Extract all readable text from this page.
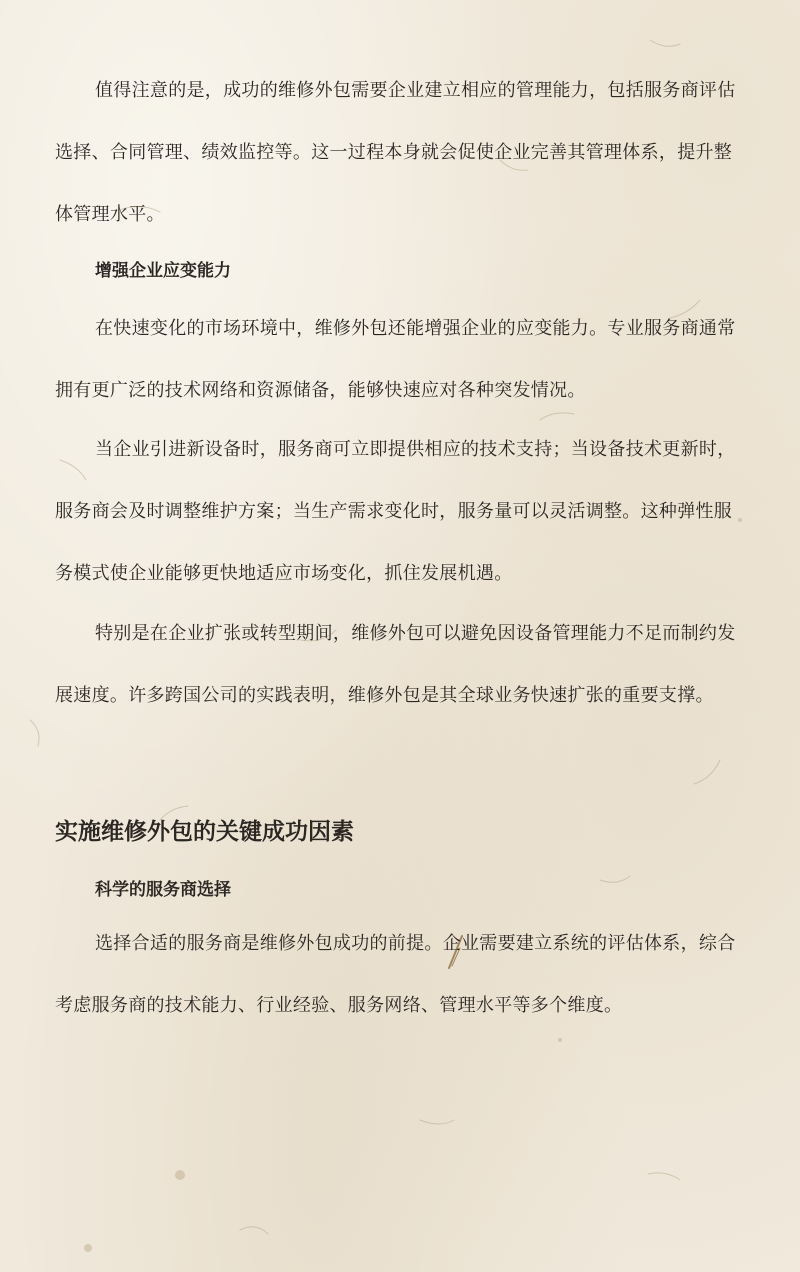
值得注意的是，成功的维修外包需要企业建立相应的管理能力，包括服务商评估选择、合同管理、绩效监控等。这一过程本身就会促使企业完善其管理体系，提升整体管理水平。

增强企业应变能力

在快速变化的市场环境中，维修外包还能增强企业的应变能力。专业服务商通常拥有更广泛的技术网络和资源储备，能够快速应对各种突发情况。

当企业引进新设备时，服务商可立即提供相应的技术支持；当设备技术更新时，服务商会及时调整维护方案；当生产需求变化时，服务量可以灵活调整。这种弹性服务模式使企业能够更快地适应市场变化，抓住发展机遇。

特别是在企业扩张或转型期间，维修外包可以避免因设备管理能力不足而制约发展速度。许多跨国公司的实践表明，维修外包是其全球业务快速扩张的重要支撑。

实施维修外包的关键成功因素
科学的服务商选择

选择合适的服务商是维修外包成功的前提。企业需要建立系统的评估体系，综合考虑服务商的技术能力、行业经验、服务网络、管理水平等多个维度。
